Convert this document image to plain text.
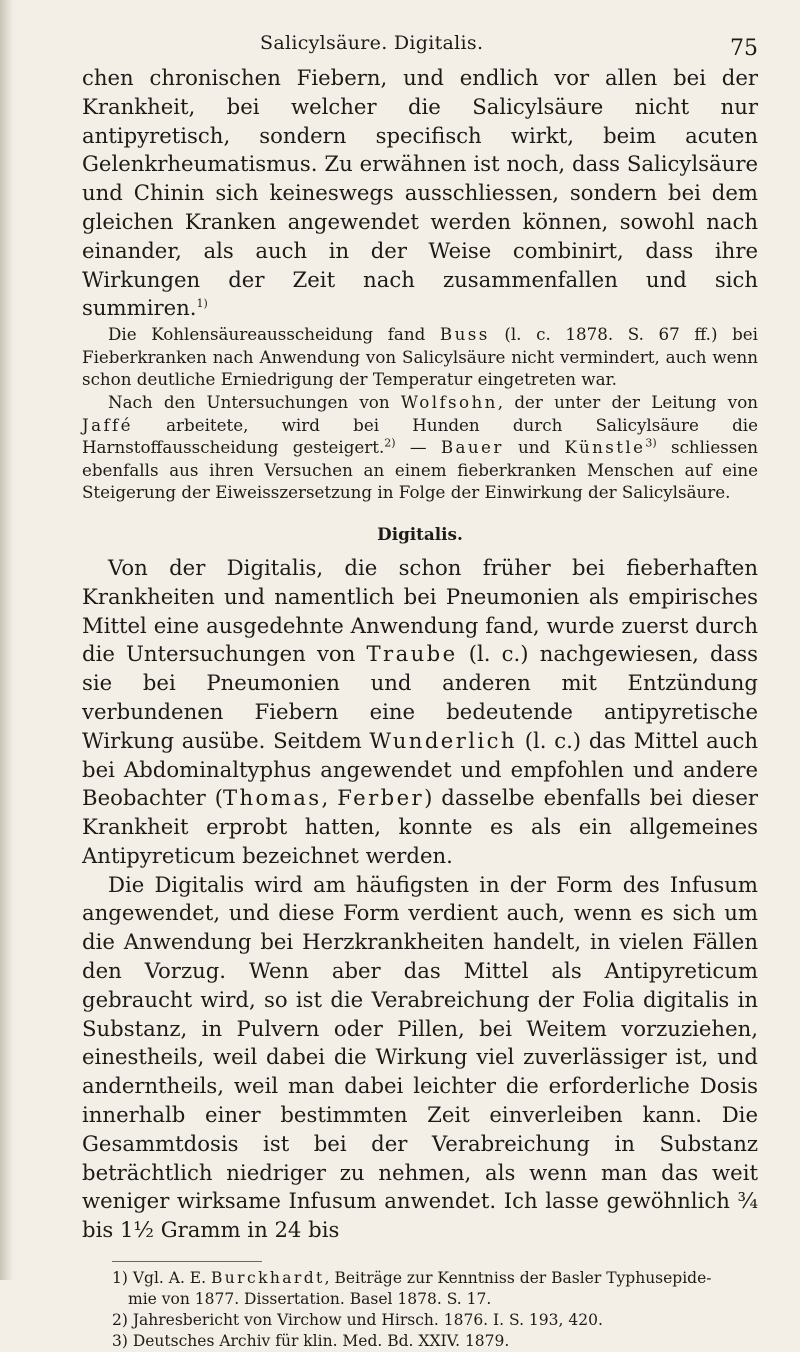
Salicylsäure. Digitalis.	75

chen chronischen Fiebern, und endlich vor allen bei der Krankheit, bei welcher die Salicylsäure nicht nur antipyretisch, sondern specifisch wirkt, beim acuten Gelenkrheumatismus. Zu erwähnen ist noch, dass Salicylsäure und Chinin sich keineswegs ausschliessen, sondern bei dem gleichen Kranken angewendet werden können, sowohl nach einander, als auch in der Weise combinirt, dass ihre Wirkungen der Zeit nach zusammenfallen und sich summiren.$^{1)}$

Die Kohlensäureausscheidung fand Buss (l. c. 1878. S. 67 ff.) bei Fieberkranken nach Anwendung von Salicylsäure nicht vermindert, auch wenn schon deutliche Erniedrigung der Temperatur eingetreten war.

Nach den Untersuchungen von Wolfsohn, der unter der Leitung von Jaffé arbeitete, wird bei Hunden durch Salicylsäure die Harnstoffausscheidung gesteigert.$^{2)}$ — Bauer und Künstle$^{3)}$ schliessen ebenfalls aus ihren Versuchen an einem fieberkranken Menschen auf eine Steigerung der Eiweisszersetzung in Folge der Einwirkung der Salicylsäure.

Digitalis.

Von der Digitalis, die schon früher bei fieberhaften Krankheiten und namentlich bei Pneumonien als empirisches Mittel eine ausgedehnte Anwendung fand, wurde zuerst durch die Untersuchungen von Traube (l. c.) nachgewiesen, dass sie bei Pneumonien und anderen mit Entzündung verbundenen Fiebern eine bedeutende antipyretische Wirkung ausübe. Seitdem Wunderlich (l. c.) das Mittel auch bei Abdominaltyphus angewendet und empfohlen und andere Beobachter (Thomas, Ferber) dasselbe ebenfalls bei dieser Krankheit erprobt hatten, konnte es als ein allgemeines Antipyreticum bezeichnet werden.

Die Digitalis wird am häufigsten in der Form des Infusum angewendet, und diese Form verdient auch, wenn es sich um die Anwendung bei Herzkrankheiten handelt, in vielen Fällen den Vorzug. Wenn aber das Mittel als Antipyreticum gebraucht wird, so ist die Verabreichung der Folia digitalis in Substanz, in Pulvern oder Pillen, bei Weitem vorzuziehen, einestheils, weil dabei die Wirkung viel zuverlässiger ist, und anderntheils, weil man dabei leichter die erforderliche Dosis innerhalb einer bestimmten Zeit einverleiben kann. Die Gesammtdosis ist bei der Verabreichung in Substanz beträchtlich niedriger zu nehmen, als wenn man das weit weniger wirksame Infusum anwendet. Ich lasse gewöhnlich ¾ bis 1½ Gramm in 24 bis

1) Vgl. A. E. Burckhardt, Beiträge zur Kenntniss der Basler Typhusepide-
mie von 1877. Dissertation. Basel 1878. S. 17.
2) Jahresbericht von Virchow und Hirsch. 1876. I. S. 193, 420.
3) Deutsches Archiv für klin. Med. Bd. XXIV. 1879.
